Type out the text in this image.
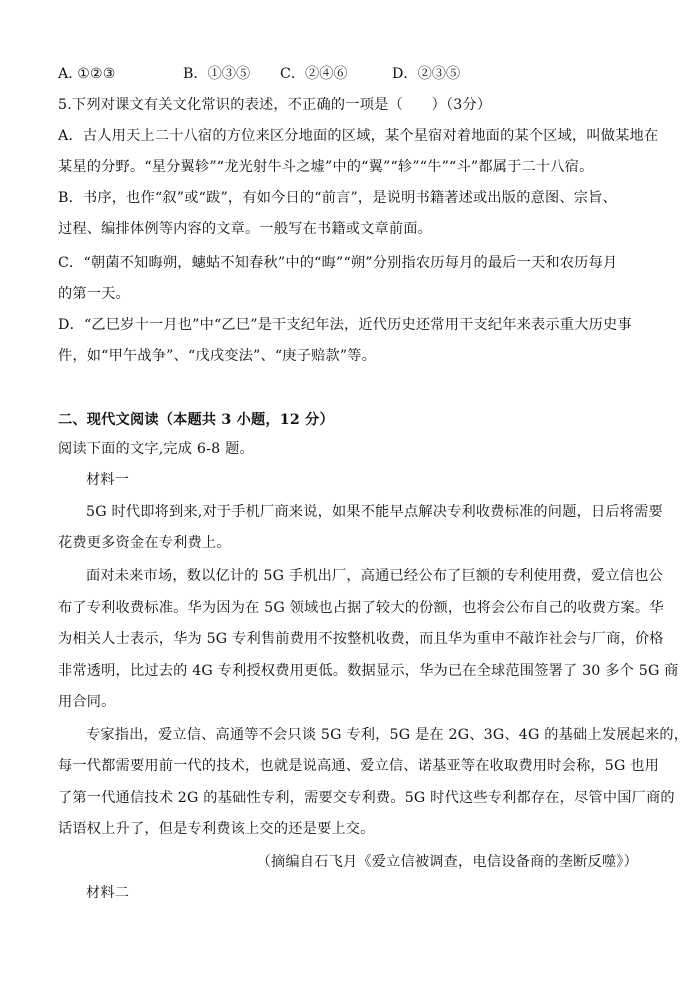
A. ①②③	B．①③⑤ C．②④⑥	D．②③⑤
5.下列对课文有关文化常识的表述，不正确的一项是（　　）（3分）
A．古人用天上二十八宿的方位来区分地面的区域，某个星宿对着地面的某个区域，叫做某地在
某星的分野。“星分翼轸”“龙光射牛斗之墟”中的“翼”“轸”“牛”“斗”都属于二十八宿。
B．书序，也作“叙”或“跋”，有如今日的“前言”，是说明书籍著述或出版的意图、宗旨、
过程、编排体例等内容的文章。一般写在书籍或文章前面。
C．“朝菌不知晦朔，蟪蛄不知春秋”中的“晦”“朔”分别指农历每月的最后一天和农历每月
的第一天。
D．“乙巳岁十一月也”中“乙巳”是干支纪年法，近代历史还常用干支纪年来表示重大历史事
件，如“甲午战争”、“戊戌变法”、“庚子赔款”等。
二、现代文阅读（本题共 3 小题，12 分）
阅读下面的文字,完成 6-8 题。
材料一
5G 时代即将到来,对于手机厂商来说，如果不能早点解决专利收费标准的问题，日后将需要
花费更多资金在专利费上。
面对未来市场，数以亿计的 5G 手机出厂，高通已经公布了巨额的专利使用费，爱立信也公
布了专利收费标准。华为因为在 5G 领域也占据了较大的份额，也将会公布自己的收费方案。华
为相关人士表示，华为 5G 专利售前费用不按整机收费，而且华为重申不敲诈社会与厂商，价格
非常透明，比过去的 4G 专利授权费用更低。数据显示，华为已在全球范围签署了 30 多个 5G 商
用合同。
专家指出，爱立信、高通等不会只谈 5G 专利，5G 是在 2G、3G、4G 的基础上发展起来的，
每一代都需要用前一代的技术，也就是说高通、爱立信、诺基亚等在收取费用时会称，5G 也用
了第一代通信技术 2G 的基础性专利，需要交专利费。5G 时代这些专利都存在，尽管中国厂商的
话语权上升了，但是专利费该上交的还是要上交。
（摘编自石飞月《爱立信被调查，电信设备商的垄断反噬》）
材料二
